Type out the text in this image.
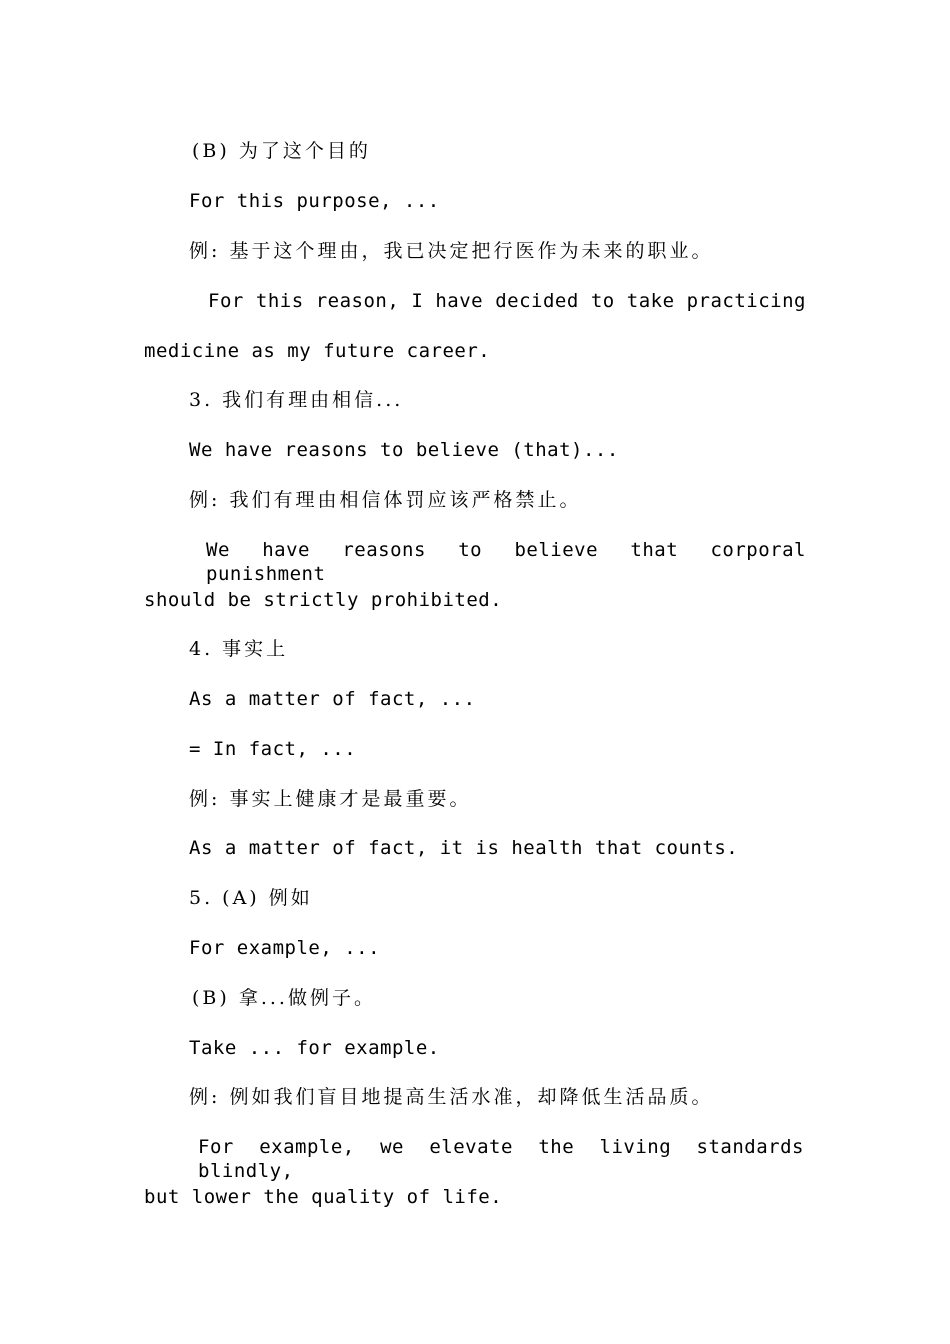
(B) 为了这个目的
For this purpose, ...
例: 基于这个理由，我已决定把行医作为未来的职业。
For this reason, I have decided to take practicing
medicine as my future career.
3. 我们有理由相信...
We have reasons to believe (that)...
例: 我们有理由相信体罚应该严格禁止。
We have reasons to believe that corporal punishment
should be strictly prohibited.
4. 事实上
As a matter of fact, ...
= In fact, ...
例: 事实上健康才是最重要。
As a matter of fact, it is health that counts.
5. (A) 例如
For example, ...
(B) 拿...做例子。
Take ... for example.
例: 例如我们盲目地提高生活水准，却降低生活品质。
For example, we elevate the living standards blindly,
but lower the quality of life.
